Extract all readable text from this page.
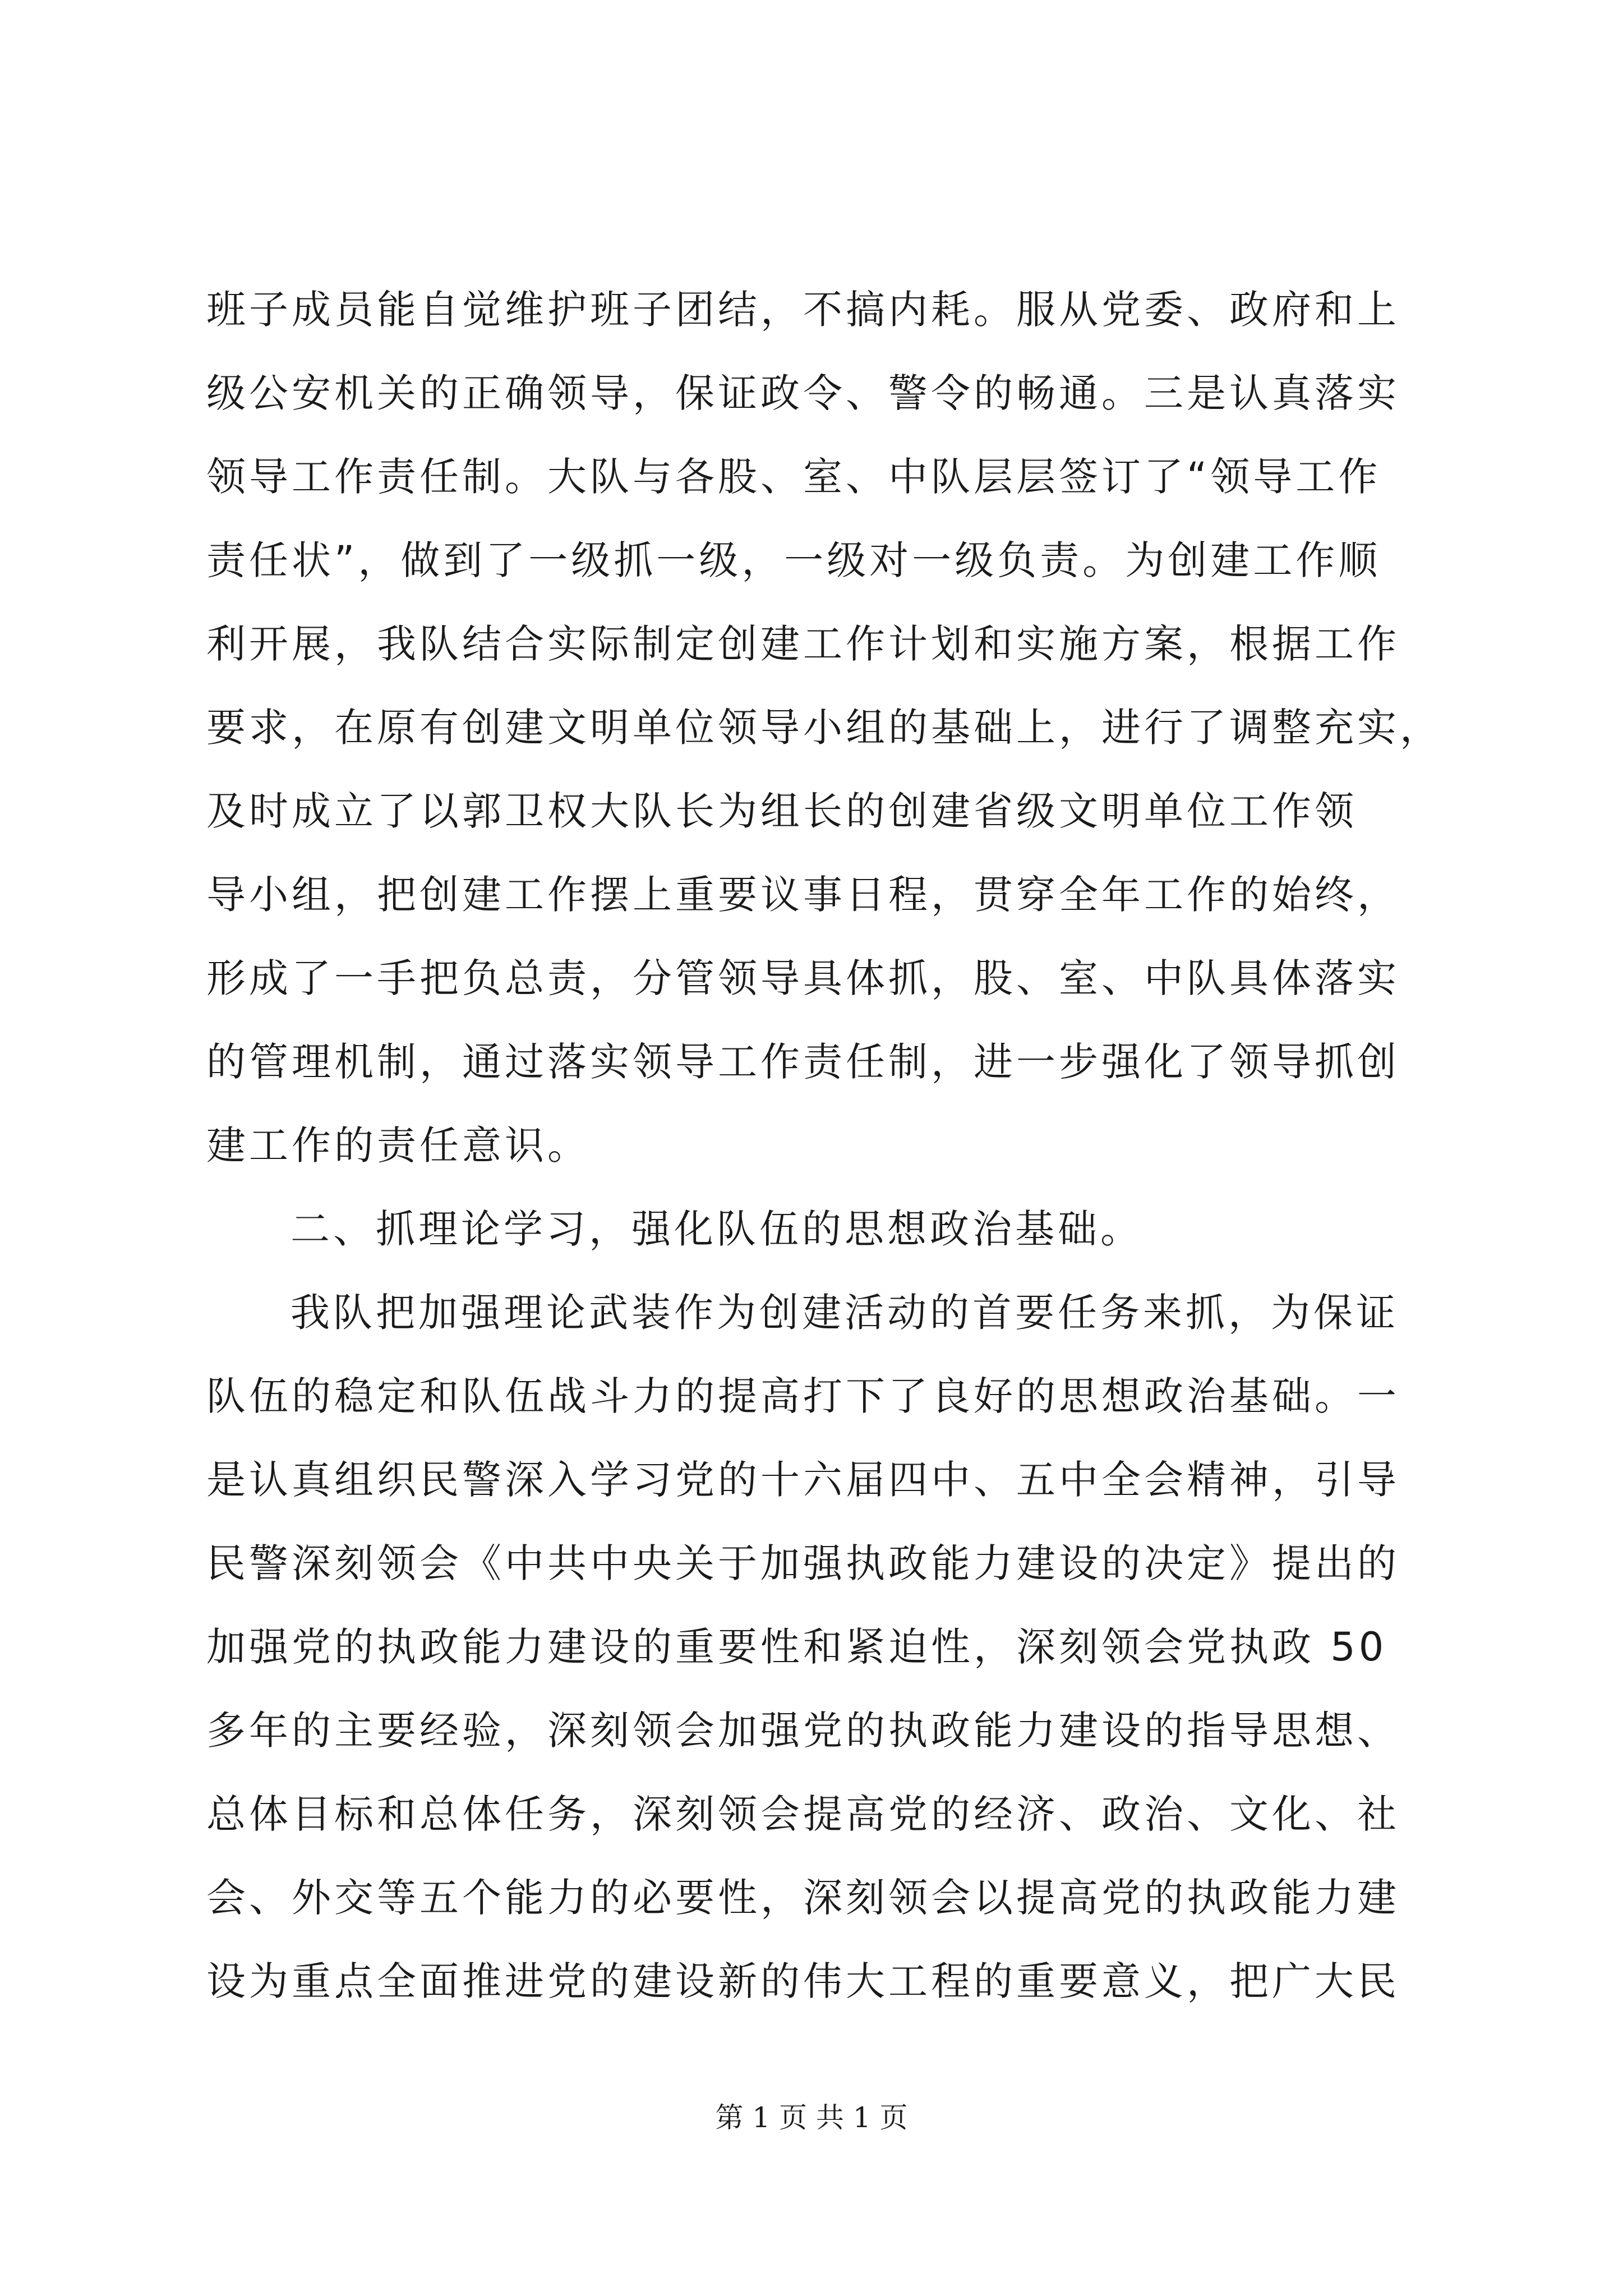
班子成员能自觉维护班子团结，不搞内耗。服从党委、政府和上
级公安机关的正确领导，保证政令、警令的畅通。三是认真落实
领导工作责任制。大队与各股、室、中队层层签订了“领导工作
责任状”，做到了一级抓一级，一级对一级负责。为创建工作顺
利开展，我队结合实际制定创建工作计划和实施方案，根据工作
要求，在原有创建文明单位领导小组的基础上，进行了调整充实，
及时成立了以郭卫权大队长为组长的创建省级文明单位工作领
导小组，把创建工作摆上重要议事日程，贯穿全年工作的始终，
形成了一手把负总责，分管领导具体抓，股、室、中队具体落实
的管理机制，通过落实领导工作责任制，进一步强化了领导抓创
建工作的责任意识。
二、抓理论学习，强化队伍的思想政治基础。
我队把加强理论武装作为创建活动的首要任务来抓，为保证
队伍的稳定和队伍战斗力的提高打下了良好的思想政治基础。一
是认真组织民警深入学习党的十六届四中、五中全会精神，引导
民警深刻领会《中共中央关于加强执政能力建设的决定》提出的
加强党的执政能力建设的重要性和紧迫性，深刻领会党执政 50
多年的主要经验，深刻领会加强党的执政能力建设的指导思想、
总体目标和总体任务，深刻领会提高党的经济、政治、文化、社
会、外交等五个能力的必要性，深刻领会以提高党的执政能力建
设为重点全面推进党的建设新的伟大工程的重要意义，把广大民
第 1 页 共 1 页
